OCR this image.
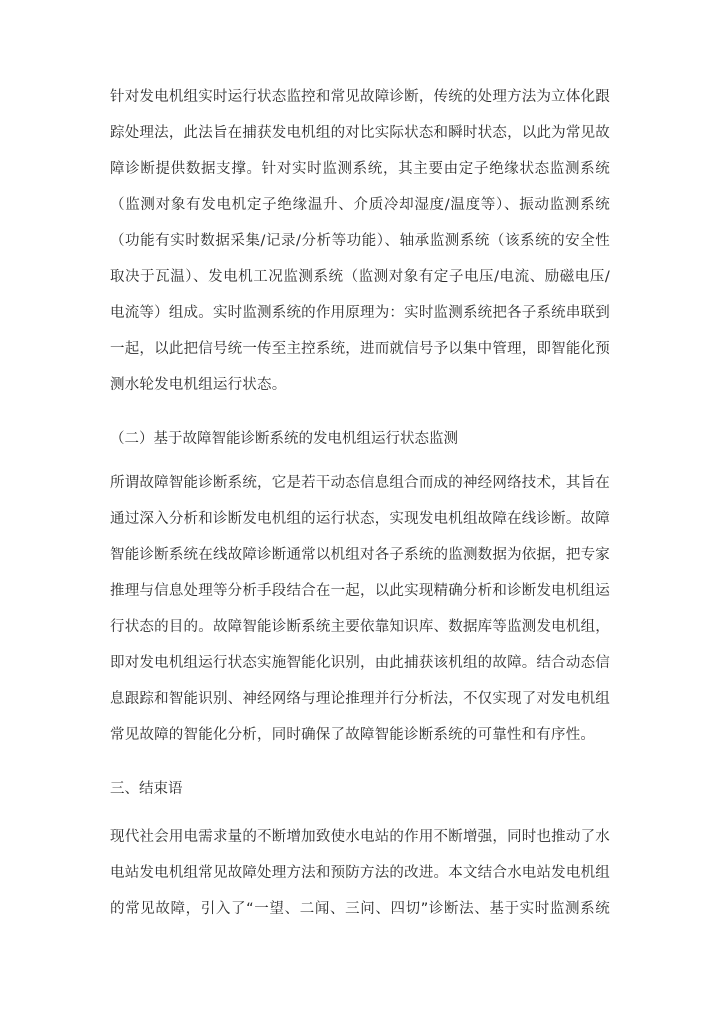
针对发电机组实时运行状态监控和常见故障诊断，传统的处理方法为立体化跟
踪处理法，此法旨在捕获发电机组的对比实际状态和瞬时状态，以此为常见故
障诊断提供数据支撑。针对实时监测系统，其主要由定子绝缘状态监测系统
（监测对象有发电机定子绝缘温升、介质冷却湿度/温度等）、振动监测系统
（功能有实时数据采集/记录/分析等功能）、轴承监测系统（该系统的安全性
取决于瓦温）、发电机工况监测系统（监测对象有定子电压/电流、励磁电压/
电流等）组成。实时监测系统的作用原理为：实时监测系统把各子系统串联到
一起，以此把信号统一传至主控系统，进而就信号予以集中管理，即智能化预
测水轮发电机组运行状态。
（二）基于故障智能诊断系统的发电机组运行状态监测
所谓故障智能诊断系统，它是若干动态信息组合而成的神经网络技术，其旨在
通过深入分析和诊断发电机组的运行状态，实现发电机组故障在线诊断。故障
智能诊断系统在线故障诊断通常以机组对各子系统的监测数据为依据，把专家
推理与信息处理等分析手段结合在一起，以此实现精确分析和诊断发电机组运
行状态的目的。故障智能诊断系统主要依靠知识库、数据库等监测发电机组，
即对发电机组运行状态实施智能化识别，由此捕获该机组的故障。结合动态信
息跟踪和智能识别、神经网络与理论推理并行分析法，不仅实现了对发电机组
常见故障的智能化分析，同时确保了故障智能诊断系统的可靠性和有序性。
三、结束语
现代社会用电需求量的不断增加致使水电站的作用不断增强，同时也推动了水
电站发电机组常见故障处理方法和预防方法的改进。本文结合水电站发电机组
的常见故障，引入了“一望、二闻、三问、四切”诊断法、基于实时监测系统
